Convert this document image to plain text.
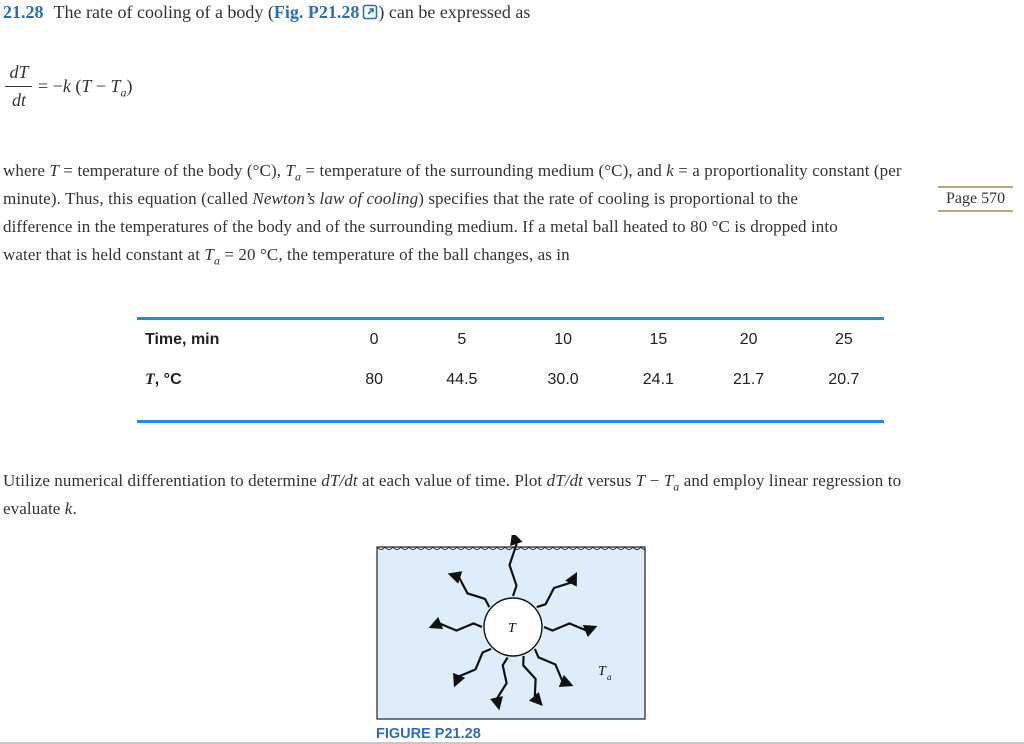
21.28 The rate of cooling of a body (Fig. P21.28 ) can be expressed as
dT
dt
= −k $(T - T_a)$
where T = temperature of the body (°C), $T_a$ = temperature of the surrounding medium (°C), and k = a proportionality constant (per
minute). Thus, this equation (called Newton’s law of cooling) specifies that the rate of cooling is proportional to the
difference in the temperatures of the body and of the surrounding medium. If a metal ball heated to 80 °C is dropped into
water that is held constant at $T_a = 20$ °C, the temperature of the ball changes, as in
Page 570
Time, min	0	5	10	15	20	25
T, °C	80	44.5	30.0	24.1	21.7	20.7
Utilize numerical differentiation to determine dT/dt at each value of time. Plot dT/dt versus $T - T_a$ and employ linear regression to
evaluate k.
T
T a
FIGURE P21.28
